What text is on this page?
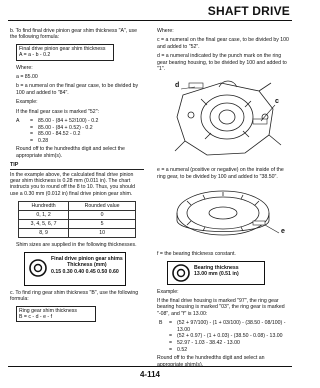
SHAFT DRIVE

b. To find final drive pinion gear shim thickness "A", use the following formula:

Final drive pinion gear shim thickness
A = a - b - 0.2

Where:

a = 85.00

b = a numeral on the final gear case, to be divided by 100 and added to "84".

Example:

If the final gear case is marked "52":

A	= 85.00 - (84 + 52/100) - 0.2
= 85.00 - (84 + 0.52) - 0.2
= 85.00 - 84.52 - 0.2
= 0.28

Round off to the hundredths digit and select the appropriate shim(s).

TIP

In the example above, the calculated final drive pinion gear shim thickness is 0.28 mm (0.011 in). The chart instructs you to round off the 8 to 10. Thus, you should use a 0.30 mm (0.012 in) final drive pinion gear shim.

Hundredth	Rounded value
0, 1, 2	0
3, 4, 5, 6, 7	5
8, 9	10

Shim sizes are supplied in the following thicknesses.

Final drive pinion gear shims
Thickness (mm)
0.15 0.30 0.40 0.45 0.50 0.60

c. To find ring gear shim thickness "B", use the following formula:

Ring gear shim thickness
B = c - d - e - f

Where:

c = a numeral on the final gear case, to be divided by 100 and added to "52".

d = a numeral indicated by the punch mark on the ring gear bearing housing, to be divided by 100 and added to "1".

d
c

e = a numeral (positive or negative) on the inside of the ring gear, to be divided by 100 and added to "38.50".

e

f = the bearing thickness constant.

Bearing thickness
13.00 mm (0.51 in)

Example:

If the final drive housing is marked "97", the ring gear bearing housing is marked "03", the ring gear is marked "-08", and "f" is 13.00:

B	= (52 + 97/100) - (1 + 03/100) - (38.50 - 08/100) - 13.00
= (52 + 0.97) - (1 + 0.03) - (38.50 - 0.08) - 13.00
= 52.97 - 1.03 - 38.42 - 13.00
= 0.52

Round off to the hundredths digit and select an appropriate shim(s).

4-114
